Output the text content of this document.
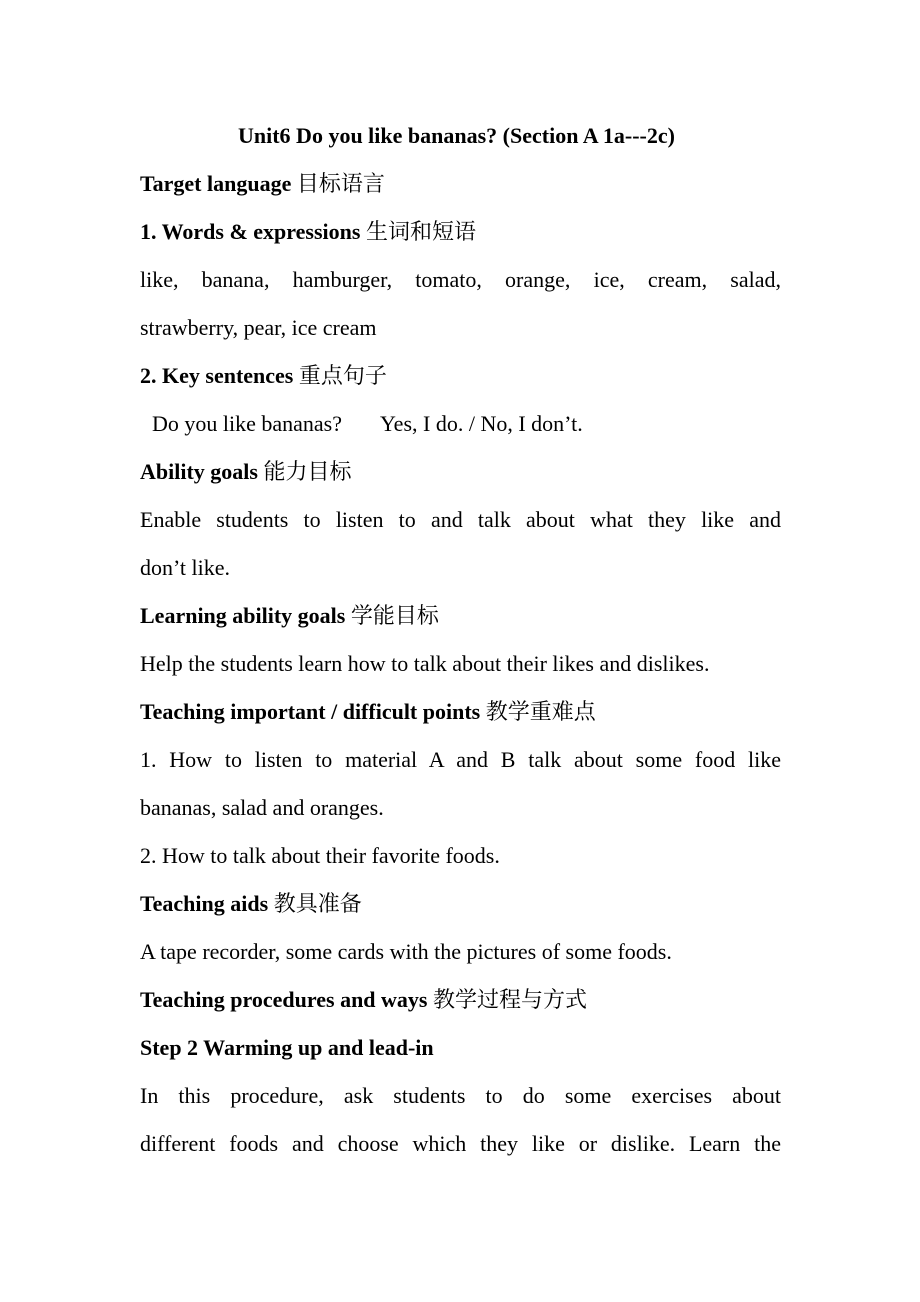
Unit6 Do you like bananas? (Section A 1a---2c)
Target language 目标语言
1. Words & expressions 生词和短语
like, banana, hamburger, tomato, orange, ice, cream, salad,
strawberry, pear, ice cream
2. Key sentences 重点句子
Do you like bananas? Yes, I do. / No, I don’t.
Ability goals 能力目标
Enable students to listen to and talk about what they like and
don’t like.
Learning ability goals 学能目标
Help the students learn how to talk about their likes and dislikes.
Teaching important / difficult points 教学重难点
1. How to listen to material A and B talk about some food like
bananas, salad and oranges.
2. How to talk about their favorite foods.
Teaching aids 教具准备
A tape recorder, some cards with the pictures of some foods.
Teaching procedures and ways 教学过程与方式
Step 2 Warming up and lead-in
In this procedure, ask students to do some exercises about
different foods and choose which they like or dislike. Learn the
